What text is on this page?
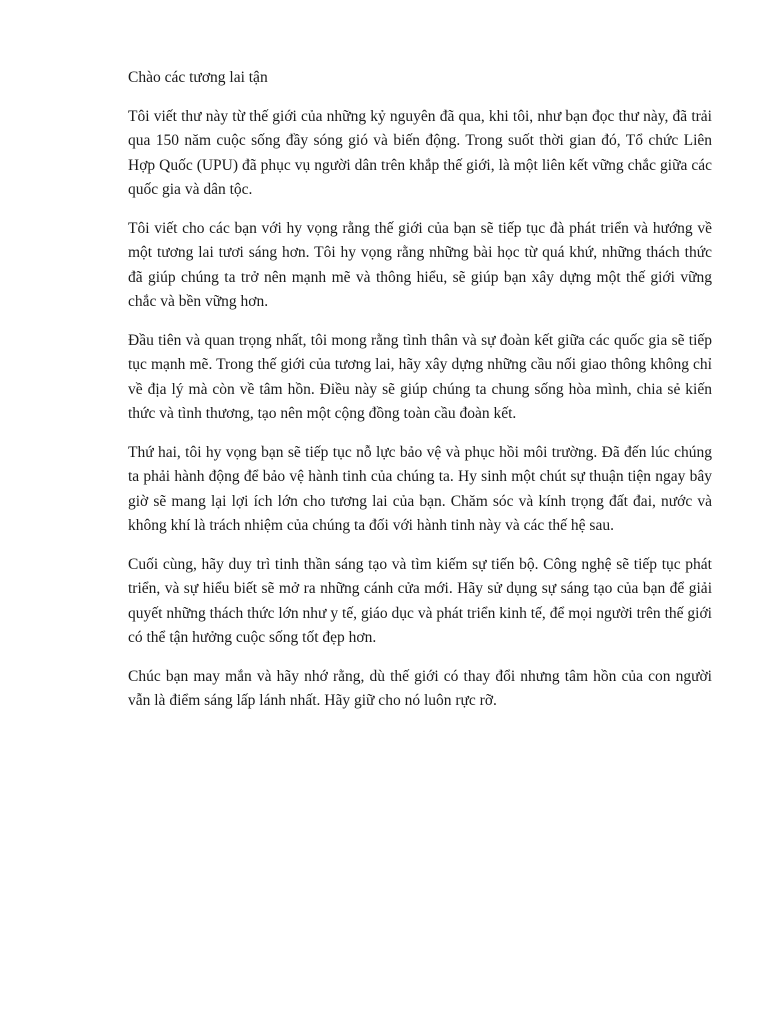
Chào các tương lai tận

Tôi viết thư này từ thế giới của những kỷ nguyên đã qua, khi tôi, như bạn đọc thư này, đã trải qua 150 năm cuộc sống đầy sóng gió và biến động. Trong suốt thời gian đó, Tổ chức Liên Hợp Quốc (UPU) đã phục vụ người dân trên khắp thế giới, là một liên kết vững chắc giữa các quốc gia và dân tộc.

Tôi viết cho các bạn với hy vọng rằng thế giới của bạn sẽ tiếp tục đà phát triển và hướng về một tương lai tươi sáng hơn. Tôi hy vọng rằng những bài học từ quá khứ, những thách thức đã giúp chúng ta trở nên mạnh mẽ và thông hiểu, sẽ giúp bạn xây dựng một thế giới vững chắc và bền vững hơn.

Đầu tiên và quan trọng nhất, tôi mong rằng tình thân và sự đoàn kết giữa các quốc gia sẽ tiếp tục mạnh mẽ. Trong thế giới của tương lai, hãy xây dựng những cầu nối giao thông không chỉ về địa lý mà còn về tâm hồn. Điều này sẽ giúp chúng ta chung sống hòa mình, chia sẻ kiến thức và tình thương, tạo nên một cộng đồng toàn cầu đoàn kết.

Thứ hai, tôi hy vọng bạn sẽ tiếp tục nỗ lực bảo vệ và phục hồi môi trường. Đã đến lúc chúng ta phải hành động để bảo vệ hành tinh của chúng ta. Hy sinh một chút sự thuận tiện ngay bây giờ sẽ mang lại lợi ích lớn cho tương lai của bạn. Chăm sóc và kính trọng đất đai, nước và không khí là trách nhiệm của chúng ta đối với hành tinh này và các thế hệ sau.

Cuối cùng, hãy duy trì tinh thần sáng tạo và tìm kiếm sự tiến bộ. Công nghệ sẽ tiếp tục phát triển, và sự hiểu biết sẽ mở ra những cánh cửa mới. Hãy sử dụng sự sáng tạo của bạn để giải quyết những thách thức lớn như y tế, giáo dục và phát triển kinh tế, để mọi người trên thế giới có thể tận hưởng cuộc sống tốt đẹp hơn.

Chúc bạn may mắn và hãy nhớ rằng, dù thế giới có thay đổi nhưng tâm hồn của con người vẫn là điểm sáng lấp lánh nhất. Hãy giữ cho nó luôn rực rỡ.
